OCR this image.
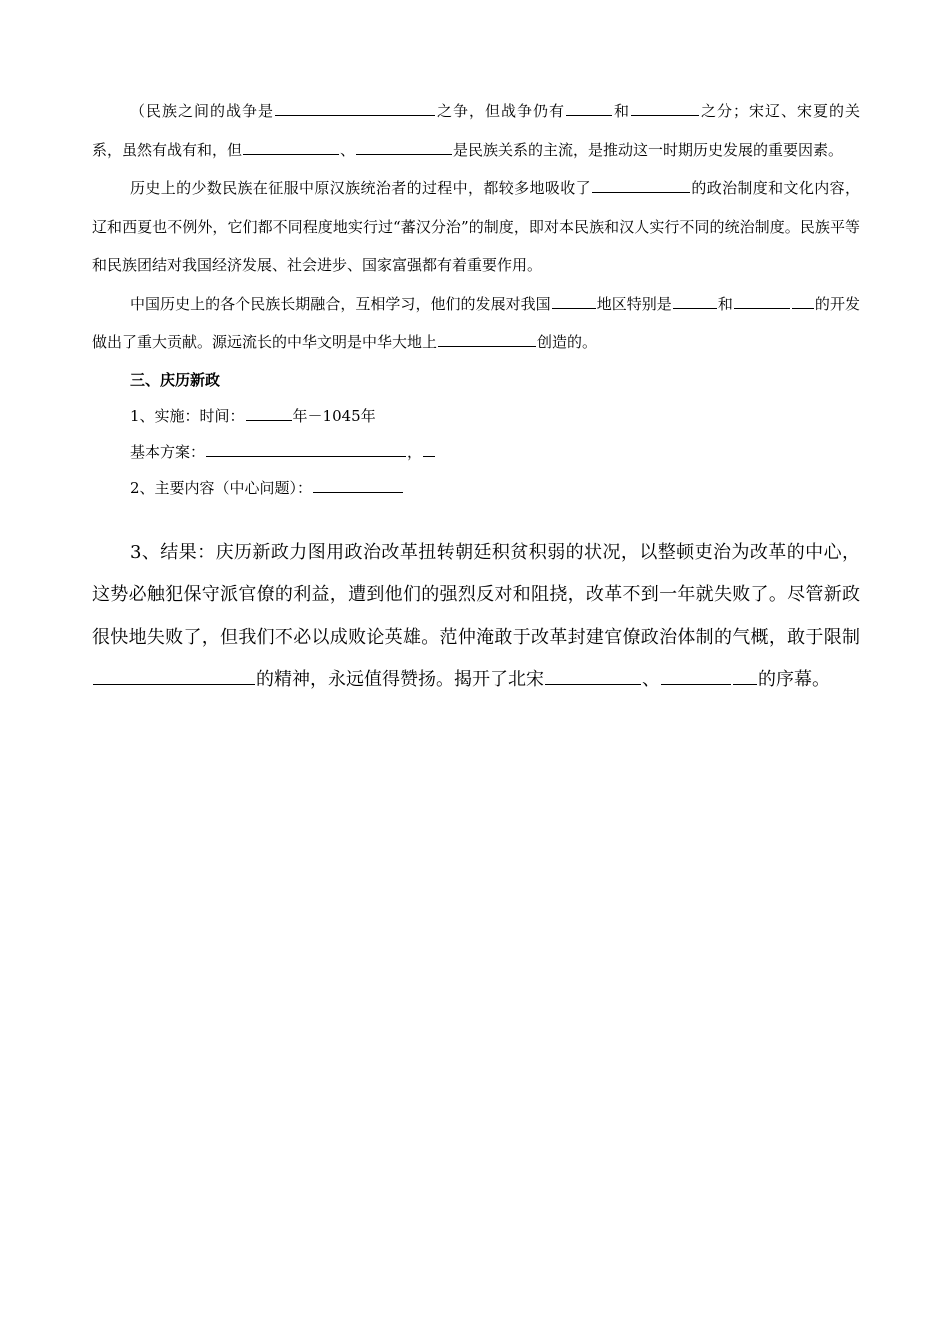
（民族之间的战争是	之争，但战争仍有	和	之分；宋辽、宋夏的关系，虽然有战有和，但	、	是民族关系的主流，是推动这一时期历史发展的重要因素。

历史上的少数民族在征服中原汉族统治者的过程中，都较多地吸收了	的政治制度和文化内容，辽和西夏也不例外，它们都不同程度地实行过“蕃汉分治”的制度，即对本民族和汉人实行不同的统治制度。民族平等和民族团结对我国经济发展、社会进步、国家富强都有着重要作用。

中国历史上的各个民族长期融合，互相学习，他们的发展对我国	地区特别是	和	的开发做出了重大贡献。源远流长的中华文明是中华大地上	创造的。

三、庆历新政

1、实施：时间：	年－1045年

基本方案：	，

2、主要内容（中心问题）：

3、结果：庆历新政力图用政治改革扭转朝廷积贫积弱的状况，以整顿吏治为改革的中心，这势必触犯保守派官僚的利益，遭到他们的强烈反对和阻挠，改革不到一年就失败了。尽管新政很快地失败了，但我们不必以成败论英雄。范仲淹敢于改革封建官僚政治体制的气概，敢于限制的精神，永远值得赞扬。揭开了北宋	、	的序幕。
